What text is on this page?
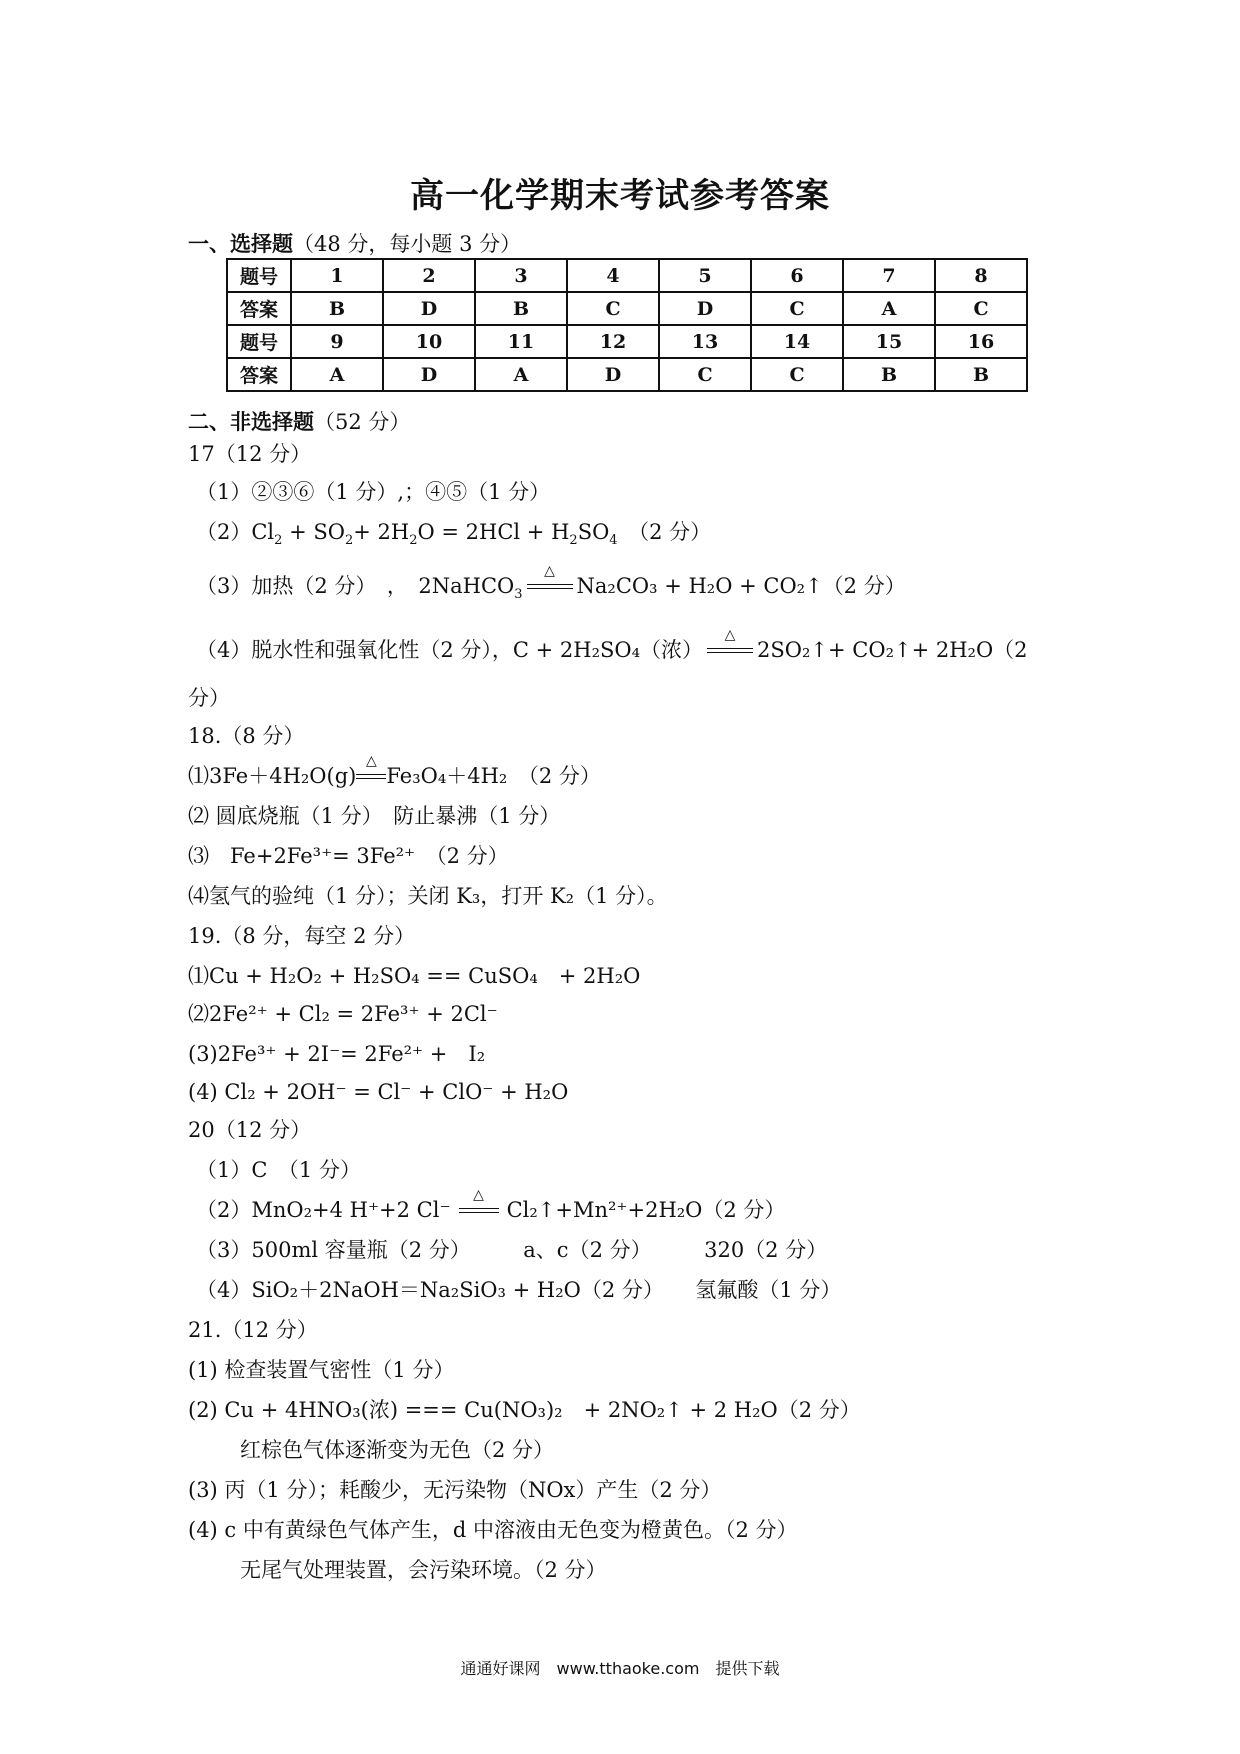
高一化学期末考试参考答案
一、选择题（48 分，每小题 3 分）
题号	1	2	3	4	5	6	7	8
答案	B	D	B	C	D	C	A	C
题号	9	10	11	12	13	14	15	16
答案	A	D	A	D	C	C	B	B
二、非选择题（52 分）
17（12 分）
（1）②③⑥（1 分）,；④⑤（1 分）
$(2)Cl_2 + SO_2+ 2H_2O = 2HCl + H_2SO_4$　（2 分）
（3）加热（2 分）　，　2NaHCO$_3$
△
Na₂CO₃ + H₂O + CO₂↑（2 分）
（4）脱水性和强氧化性（2 分），C + 2H₂SO₄（浓）
△
2SO₂↑+ CO₂↑+ 2H₂O（2
分）
18.（8 分）
⑴3Fe＋4H₂O(g)
△
Fe₃O₄＋4H₂　（2 分）
⑵ 圆底烧瓶（1 分）　防止暴沸（1 分）
⑶　Fe+2Fe³⁺= 3Fe²⁺　（2 分）
⑷氢气的验纯（1 分）；关闭 K₃，打开 K₂（1 分）。
19.（8 分，每空 2 分）
⑴Cu + H₂O₂ + H₂SO₄ == CuSO₄　+ 2H₂O
⑵2Fe²⁺ + Cl₂ = 2Fe³⁺ + 2Cl⁻
(3)2Fe³⁺ + 2I⁻= 2Fe²⁺ +　I₂
(4) Cl₂ + 2OH⁻ = Cl⁻ + ClO⁻ + H₂O
20（12 分）
（1）C　（1 分）
（2）MnO₂+4 H⁺+2 Cl⁻
△
Cl₂↑+Mn²⁺+2H₂O（2 分）
（3）500ml 容量瓶（2 分）　　　a、c（2 分）　　　320（2 分）
（4）SiO₂＋2NaOH＝Na₂SiO₃ + H₂O（2 分）　　氢氟酸（1 分）
21.（12 分）
(1) 检查装置气密性（1 分）
(2) Cu + 4HNO₃(浓) === Cu(NO₃)₂　+ 2NO₂↑ + 2 H₂O（2 分）
红棕色气体逐渐变为无色（2 分）
(3) 丙（1 分）；耗酸少，无污染物（NOx）产生（2 分）
(4) c 中有黄绿色气体产生，d 中溶液由无色变为橙黄色。（2 分）
无尾气处理装置，会污染环境。（2 分）
通通好课网　www.tthaoke.com　提供下载
